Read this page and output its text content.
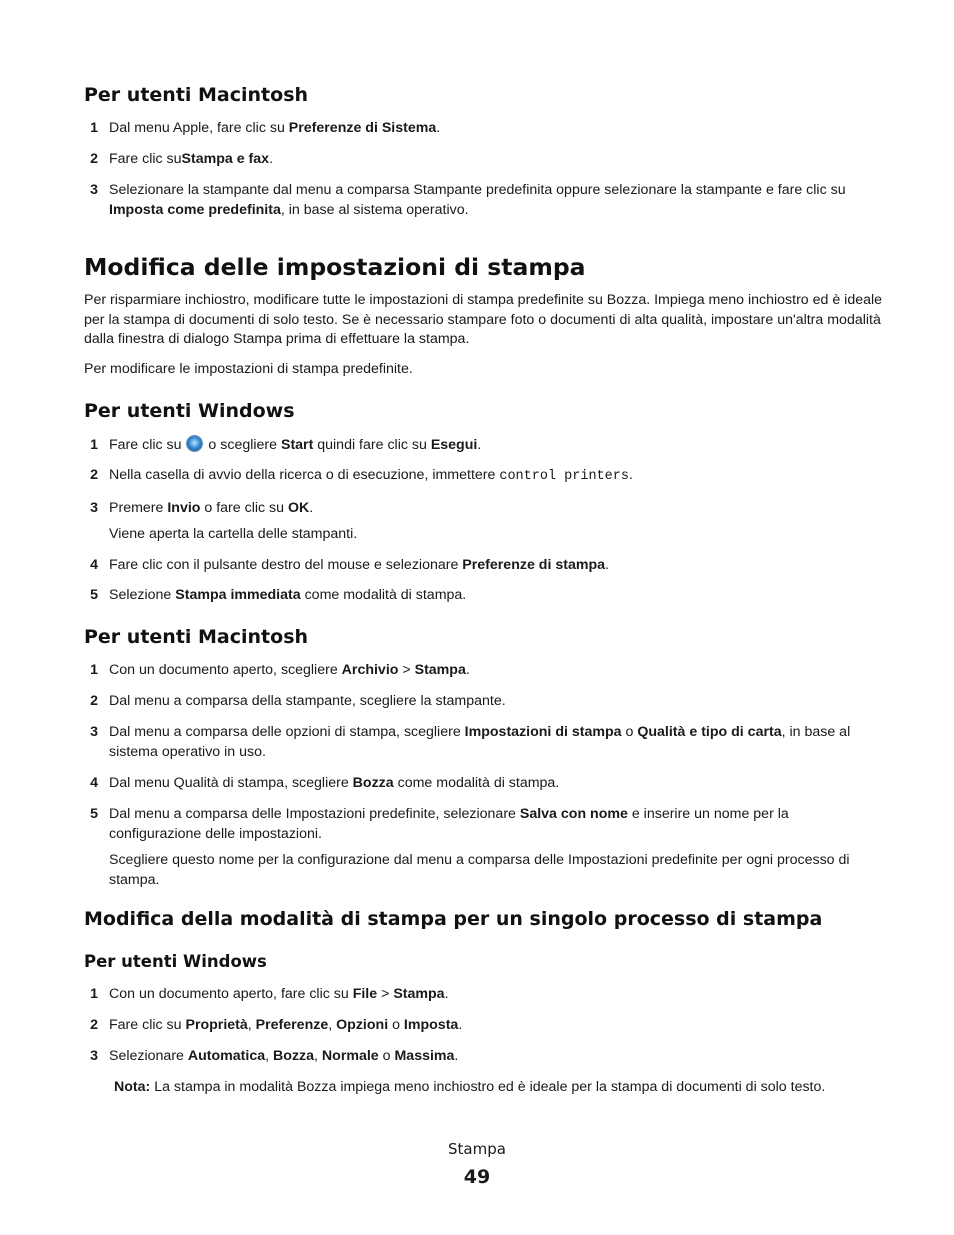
Per utenti Macintosh
1 Dal menu Apple, fare clic su Preferenze di Sistema.
2 Fare clic suStampa e fax.
3 Selezionare la stampante dal menu a comparsa Stampante predefinita oppure selezionare la stampante e fare clic su Imposta come predefinita, in base al sistema operativo.
Modifica delle impostazioni di stampa

Per risparmiare inchiostro, modificare tutte le impostazioni di stampa predefinite su Bozza. Impiega meno inchiostro ed è ideale per la stampa di documenti di solo testo. Se è necessario stampare foto o documenti di alta qualità, impostare un'altra modalità dalla finestra di dialogo Stampa prima di effettuare la stampa.

Per modificare le impostazioni di stampa predefinite.

Per utenti Windows
1 Fare clic su  o scegliere Start quindi fare clic su Esegui.
2 Nella casella di avvio della ricerca o di esecuzione, immettere control printers.
3 Premere Invio o fare clic su OK.

Viene aperta la cartella delle stampanti.

4 Fare clic con il pulsante destro del mouse e selezionare Preferenze di stampa.
5 Selezione Stampa immediata come modalità di stampa.
Per utenti Macintosh
1 Con un documento aperto, scegliere Archivio > Stampa.
2 Dal menu a comparsa della stampante, scegliere la stampante.
3 Dal menu a comparsa delle opzioni di stampa, scegliere Impostazioni di stampa o Qualità e tipo di carta, in base al sistema operativo in uso.
4 Dal menu Qualità di stampa, scegliere Bozza come modalità di stampa.
5 Dal menu a comparsa delle Impostazioni predefinite, selezionare Salva con nome e inserire un nome per la configurazione delle impostazioni.

Scegliere questo nome per la configurazione dal menu a comparsa delle Impostazioni predefinite per ogni processo di stampa.

Modifica della modalità di stampa per un singolo processo di stampa
Per utenti Windows
1 Con un documento aperto, fare clic su File > Stampa.
2 Fare clic su Proprietà, Preferenze, Opzioni o Imposta.
3 Selezionare Automatica, Bozza, Normale o Massima.
Nota: La stampa in modalità Bozza impiega meno inchiostro ed è ideale per la stampa di documenti di solo testo.

Stampa

49
